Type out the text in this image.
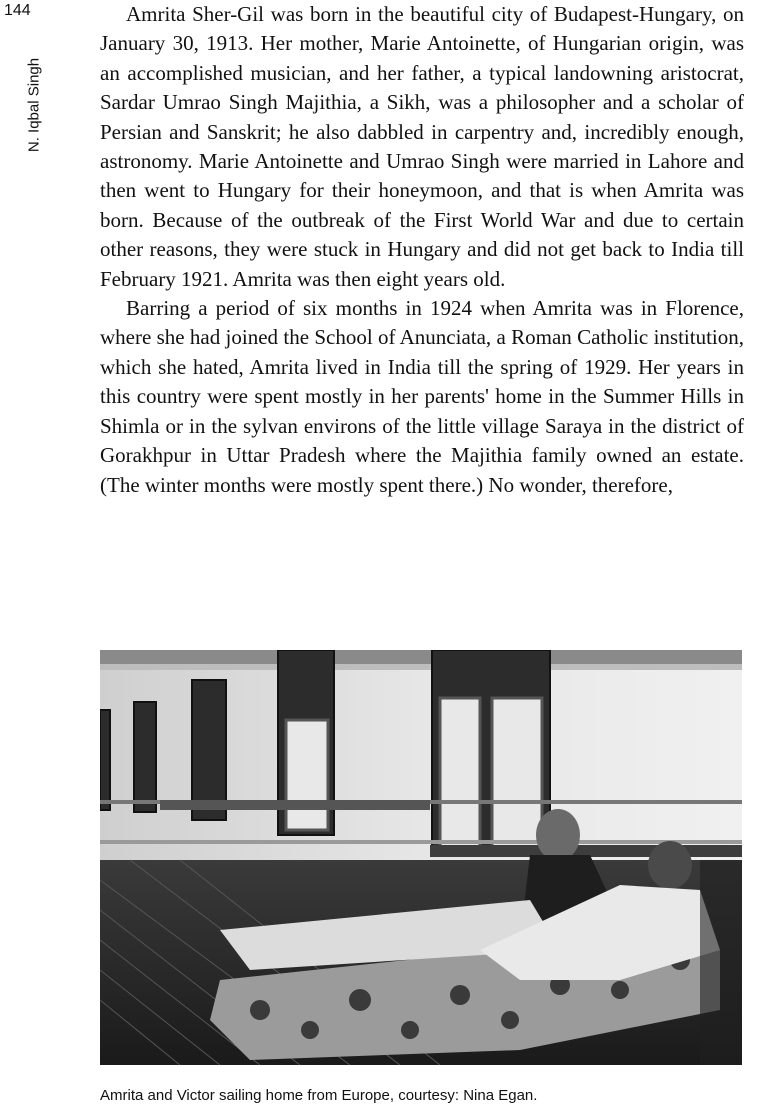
144
N. Iqbal Singh

Amrita Sher-Gil was born in the beautiful city of Budapest-Hungary, on January 30, 1913. Her mother, Marie Antoinette, of Hungarian origin, was an accomplished musician, and her father, a typical landowning aristocrat, Sardar Umrao Singh Majithia, a Sikh, was a philosopher and a scholar of Persian and Sanskrit; he also dabbled in carpentry and, incredibly enough, astronomy. Marie Antoinette and Umrao Singh were married in Lahore and then went to Hungary for their honeymoon, and that is when Amrita was born. Because of the outbreak of the First World War and due to certain other reasons, they were stuck in Hungary and did not get back to India till February 1921. Amrita was then eight years old.

Barring a period of six months in 1924 when Amrita was in Florence, where she had joined the School of Anunciata, a Roman Catholic institution, which she hated, Amrita lived in India till the spring of 1929. Her years in this country were spent mostly in her parents' home in the Summer Hills in Shimla or in the sylvan environs of the little village Saraya in the district of Gorakhpur in Uttar Pradesh where the Majithia family owned an estate. (The winter months were mostly spent there.) No wonder, therefore,

Amrita and Victor sailing home from Europe, courtesy: Nina Egan.
